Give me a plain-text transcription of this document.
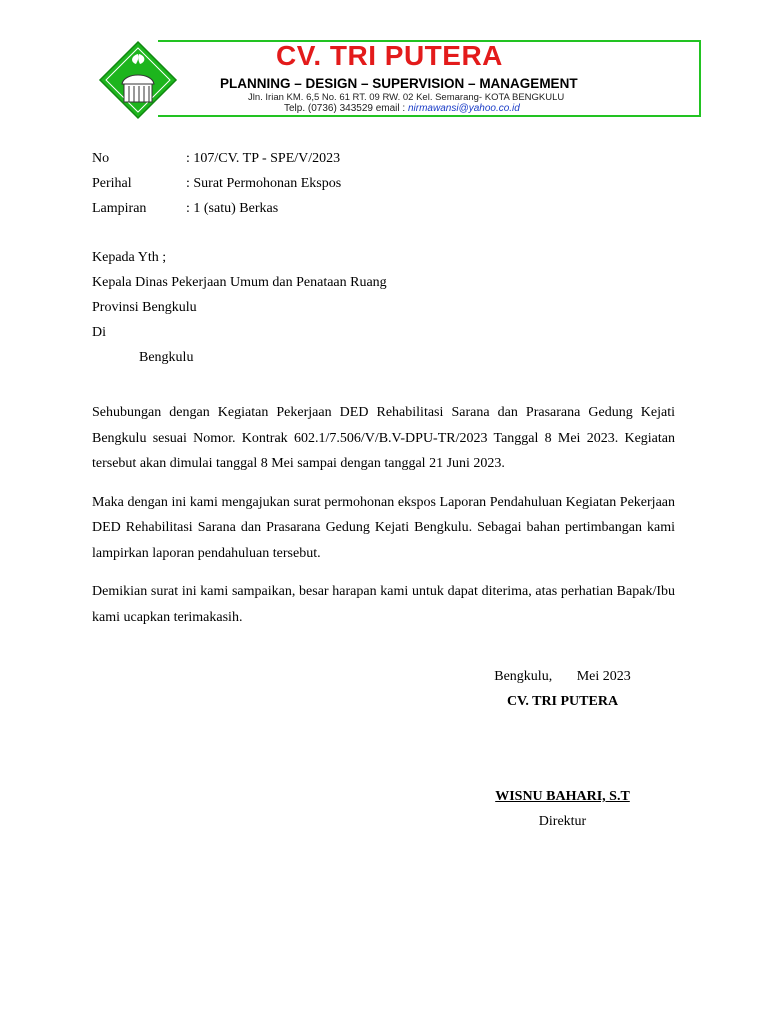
L
CV. TRI PUTERA
PLANNING – DESIGN – SUPERVISION – MANAGEMENT
Jln. Irian KM. 6,5 No. 61 RT. 09 RW. 02 Kel. Semarang- KOTA BENGKULU
Telp. (0736) 343529 email : nirmawansi@yahoo.co.id
No	: 107/CV. TP - SPE/V/2023
Perihal	: Surat Permohonan Ekspos
Lampiran	: 1 (satu) Berkas
Kepada Yth ;
Kepala Dinas Pekerjaan Umum dan Penataan Ruang
Provinsi Bengkulu
Di
Bengkulu

Sehubungan dengan Kegiatan Pekerjaan DED Rehabilitasi Sarana dan Prasarana Gedung Kejati Bengkulu sesuai Nomor. Kontrak 602.1/7.506/V/B.V-DPU-TR/2023 Tanggal 8 Mei 2023. Kegiatan tersebut akan dimulai tanggal 8 Mei sampai dengan tanggal 21 Juni 2023.

Maka dengan ini kami mengajukan surat permohonan ekspos Laporan Pendahuluan Kegiatan Pekerjaan DED Rehabilitasi Sarana dan Prasarana Gedung Kejati Bengkulu. Sebagai bahan pertimbangan kami lampirkan laporan pendahuluan tersebut.

Demikian surat ini kami sampaikan, besar harapan kami untuk dapat diterima, atas perhatian Bapak/Ibu kami ucapkan terimakasih.

Bengkulu,       Mei 2023
CV. TRI PUTERA
WISNU BAHARI, S.T
Direktur
